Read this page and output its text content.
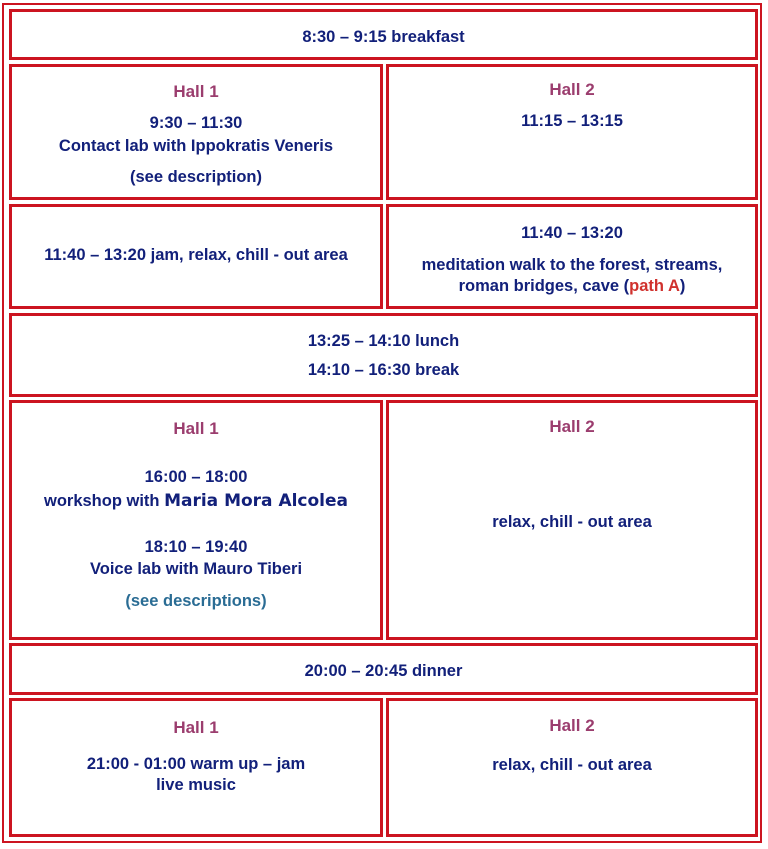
8:30 – 9:15 breakfast
Hall 1
9:30 – 11:30
Contact lab with Ippokratis Veneris
(see description)
Hall 2
11:15 – 13:15
11:40 – 13:20 jam, relax, chill - out area
11:40 – 13:20
meditation walk to the forest, streams,
roman bridges, cave (path A)
13:25 – 14:10 lunch
14:10 – 16:30 break
Hall 1
16:00 – 18:00
workshop with Maria Mora Alcolea
18:10 – 19:40
Voice lab with Mauro Tiberi
(see descriptions)
Hall 2
relax, chill - out area
20:00 – 20:45 dinner
Hall 1
21:00 - 01:00 warm up – jam
live music
Hall 2
relax, chill - out area
